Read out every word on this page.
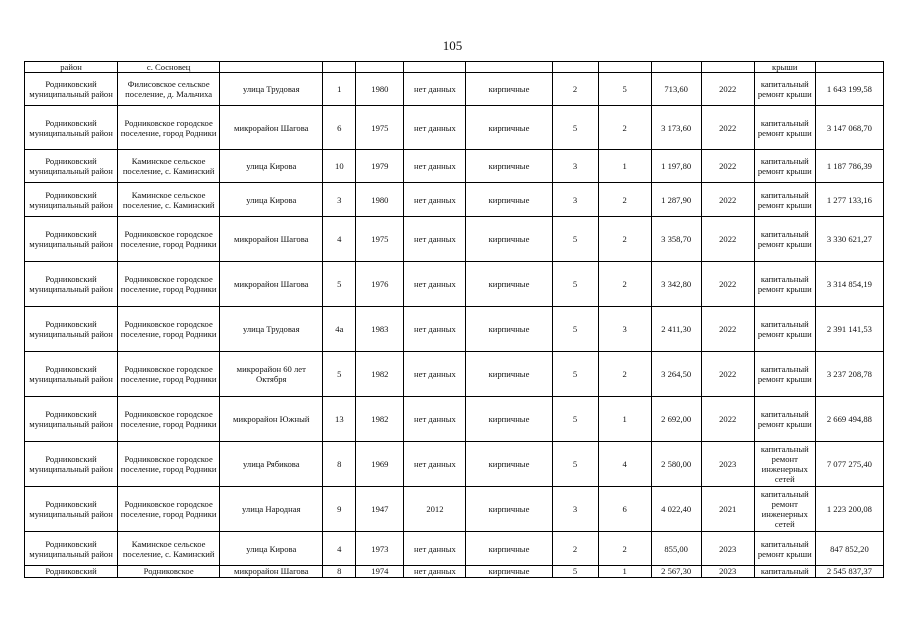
105
район	с. Сосновец										крыши	
Родниковский муниципальный район	Филисовское сельское поселение, д. Мальчиха	улица Трудовая	1	1980	нет данных	кирпичные	2	5	713,60	2022	капитальный ремонт крыши	1 643 199,58
Родниковский муниципальный район	Родниковское городское поселение, город Родники	микрорайон Шагова	6	1975	нет данных	кирпичные	5	2	3 173,60	2022	капитальный ремонт крыши	3 147 068,70
Родниковский муниципальный район	Каминское сельское поселение, с. Каминский	улица Кирова	10	1979	нет данных	кирпичные	3	1	1 197,80	2022	капитальный ремонт крыши	1 187 786,39
Родниковский муниципальный район	Каминское сельское поселение, с. Каминский	улица Кирова	3	1980	нет данных	кирпичные	3	2	1 287,90	2022	капитальный ремонт крыши	1 277 133,16
Родниковский муниципальный район	Родниковское городское поселение, город Родники	микрорайон Шагова	4	1975	нет данных	кирпичные	5	2	3 358,70	2022	капитальный ремонт крыши	3 330 621,27
Родниковский муниципальный район	Родниковское городское поселение, город Родники	микрорайон Шагова	5	1976	нет данных	кирпичные	5	2	3 342,80	2022	капитальный ремонт крыши	3 314 854,19
Родниковский муниципальный район	Родниковское городское поселение, город Родники	улица Трудовая	4а	1983	нет данных	кирпичные	5	3	2 411,30	2022	капитальный ремонт крыши	2 391 141,53
Родниковский муниципальный район	Родниковское городское поселение, город Родники	микрорайон 60 лет Октября	5	1982	нет данных	кирпичные	5	2	3 264,50	2022	капитальный ремонт крыши	3 237 208,78
Родниковский муниципальный район	Родниковское городское поселение, город Родники	микрорайон Южный	13	1982	нет данных	кирпичные	5	1	2 692,00	2022	капитальный ремонт крыши	2 669 494,88
Родниковский муниципальный район	Родниковское городское поселение, город Родники	улица Рябикова	8	1969	нет данных	кирпичные	5	4	2 580,00	2023	капитальный ремонт инженерных сетей	7 077 275,40
Родниковский муниципальный район	Родниковское городское поселение, город Родники	улица Народная	9	1947	2012	кирпичные	3	6	4 022,40	2021	капитальный ремонт инженерных сетей	1 223 200,08
Родниковский муниципальный район	Каминское сельское поселение, с. Каминский	улица Кирова	4	1973	нет данных	кирпичные	2	2	855,00	2023	капитальный ремонт крыши	847 852,20
Родниковский	Родниковское	микрорайон Шагова	8	1974	нет данных	кирпичные	5	1	2 567,30	2023	капитальный	2 545 837,37
